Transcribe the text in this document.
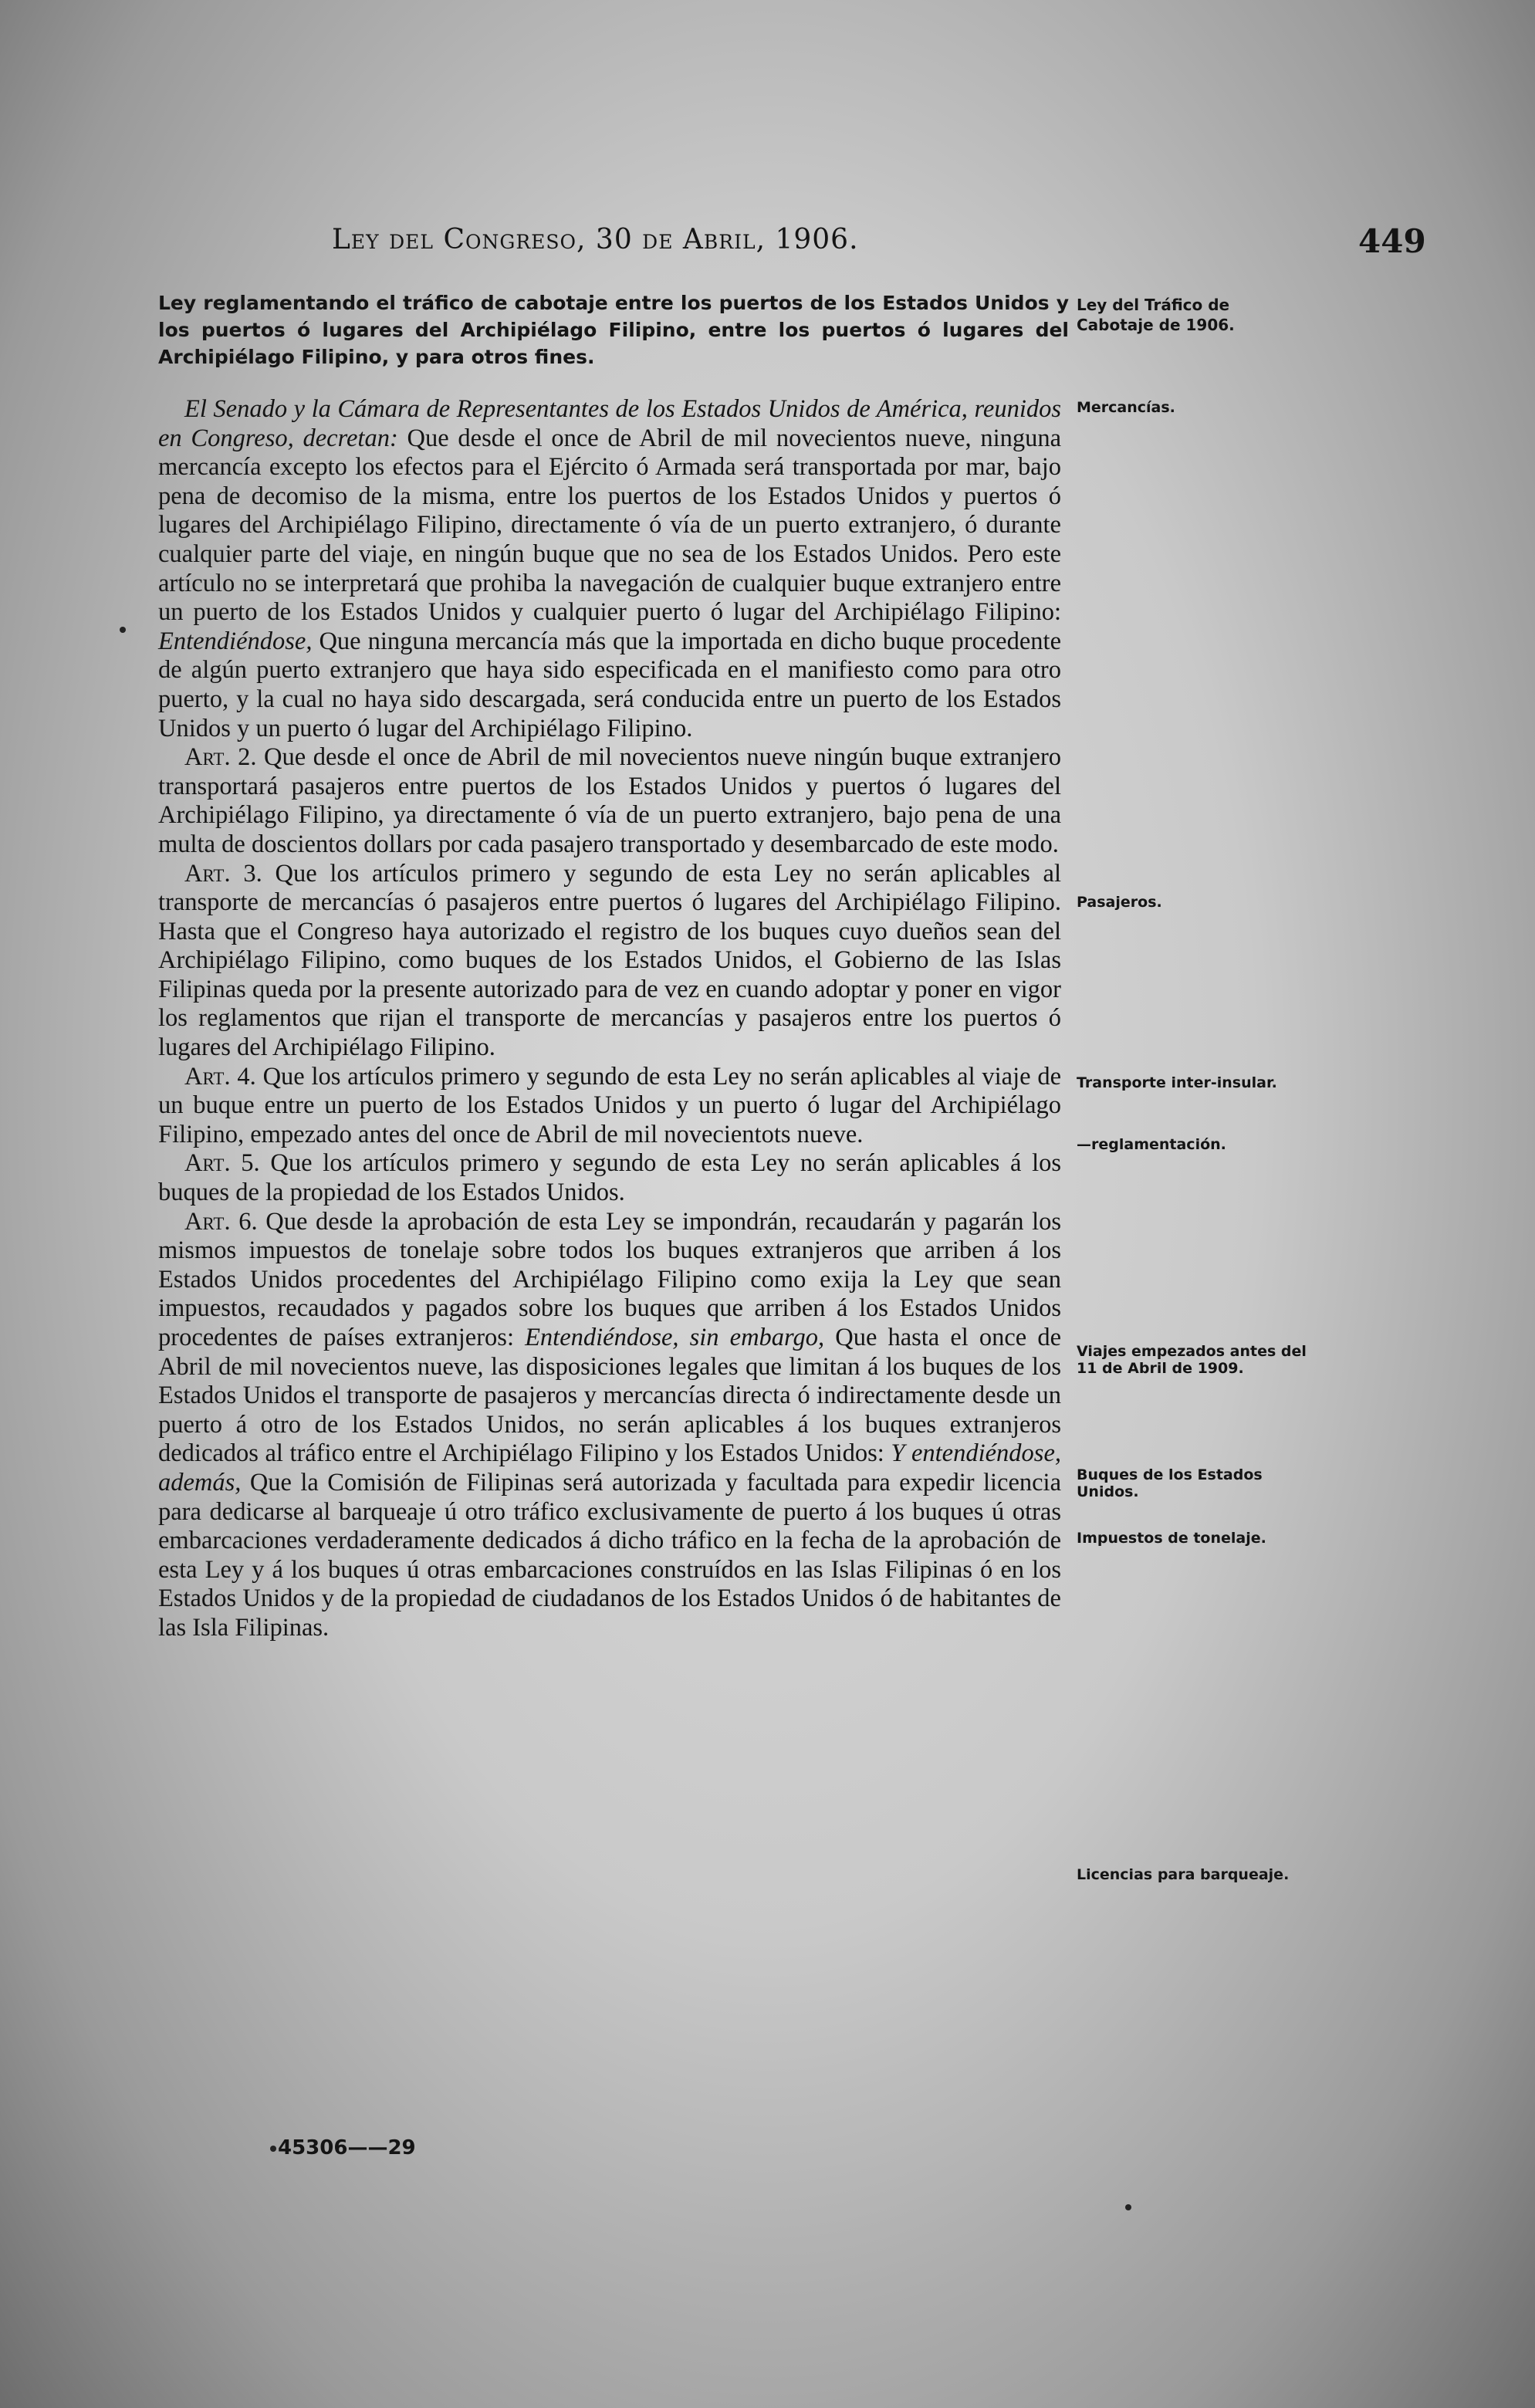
Ley del Congreso, 30 de Abril, 1906.	449
Ley reglamentando el tráfico de cabotaje entre los puertos de los Estados Unidos y los puertos ó lugares del Archipiélago Filipino, entre los puertos ó lugares del Archipiélago Filipino, y para otros fines.
Ley del Tráfico de Cabotaje de 1906.

El Senado y la Cámara de Representantes de los Estados Unidos de América, reunidos en Congreso, decretan: Que desde el once de Abril de mil novecientos nueve, ninguna mercancía excepto los efectos para el Ejército ó Armada será transportada por mar, bajo pena de decomiso de la misma, entre los puertos de los Estados Unidos y puertos ó lugares del Archipiélago Filipino, directamente ó vía de un puerto extranjero, ó durante cualquier parte del viaje, en ningún buque que no sea de los Estados Unidos. Pero este artículo no se interpretará que prohiba la navegación de cualquier buque extranjero entre un puerto de los Estados Unidos y cualquier puerto ó lugar del Archipiélago Filipino: Entendiéndose, Que ninguna mercancía más que la importada en dicho buque procedente de algún puerto extranjero que haya sido especificada en el manifiesto como para otro puerto, y la cual no haya sido descargada, será conducida entre un puerto de los Estados Unidos y un puerto ó lugar del Archipiélago Filipino.

Art. 2. Que desde el once de Abril de mil novecientos nueve ningún buque extranjero transportará pasajeros entre puertos de los Estados Unidos y puertos ó lugares del Archipiélago Filipino, ya directamente ó vía de un puerto extranjero, bajo pena de una multa de doscientos dollars por cada pasajero transportado y desembarcado de este modo.

Art. 3. Que los artículos primero y segundo de esta Ley no serán aplicables al transporte de mercancías ó pasajeros entre puertos ó lugares del Archipiélago Filipino. Hasta que el Congreso haya autorizado el registro de los buques cuyo dueños sean del Archipiélago Filipino, como buques de los Estados Unidos, el Gobierno de las Islas Filipinas queda por la presente autorizado para de vez en cuando adoptar y poner en vigor los reglamentos que rijan el transporte de mercancías y pasajeros entre los puertos ó lugares del Archipiélago Filipino.

Art. 4. Que los artículos primero y segundo de esta Ley no serán aplicables al viaje de un buque entre un puerto de los Estados Unidos y un puerto ó lugar del Archipiélago Filipino, empezado antes del once de Abril de mil novecientots nueve.

Art. 5. Que los artículos primero y segundo de esta Ley no serán aplicables á los buques de la propiedad de los Estados Unidos.

Art. 6. Que desde la aprobación de esta Ley se impondrán, recaudarán y pagarán los mismos impuestos de tonelaje sobre todos los buques extranjeros que arriben á los Estados Unidos procedentes del Archipiélago Filipino como exija la Ley que sean impuestos, recaudados y pagados sobre los buques que arriben á los Estados Unidos procedentes de países extranjeros: Entendiéndose, sin embargo, Que hasta el once de Abril de mil novecientos nueve, las disposiciones legales que limitan á los buques de los Estados Unidos el transporte de pasajeros y mercancías directa ó indirectamente desde un puerto á otro de los Estados Unidos, no serán aplicables á los buques extranjeros dedicados al tráfico entre el Archipiélago Filipino y los Estados Unidos: Y entendiéndose, además, Que la Comisión de Filipinas será autorizada y facultada para expedir licencia para dedicarse al barqueaje ú otro tráfico exclusivamente de puerto á los buques ú otras embarcaciones verdaderamente dedicados á dicho tráfico en la fecha de la aprobación de esta Ley y á los buques ú otras embarcaciones construídos en las Islas Filipinas ó en los Estados Unidos y de la propiedad de ciudadanos de los Estados Unidos ó de habitantes de las Isla Filipinas.

Mercancías.
Pasajeros.
Transporte inter-insular.
—reglamentación.
Viajes empezados antes del 11 de Abril de 1909.
Buques de los Estados Unidos.
Impuestos de tonelaje.
Licencias para barqueaje.
45306——29
